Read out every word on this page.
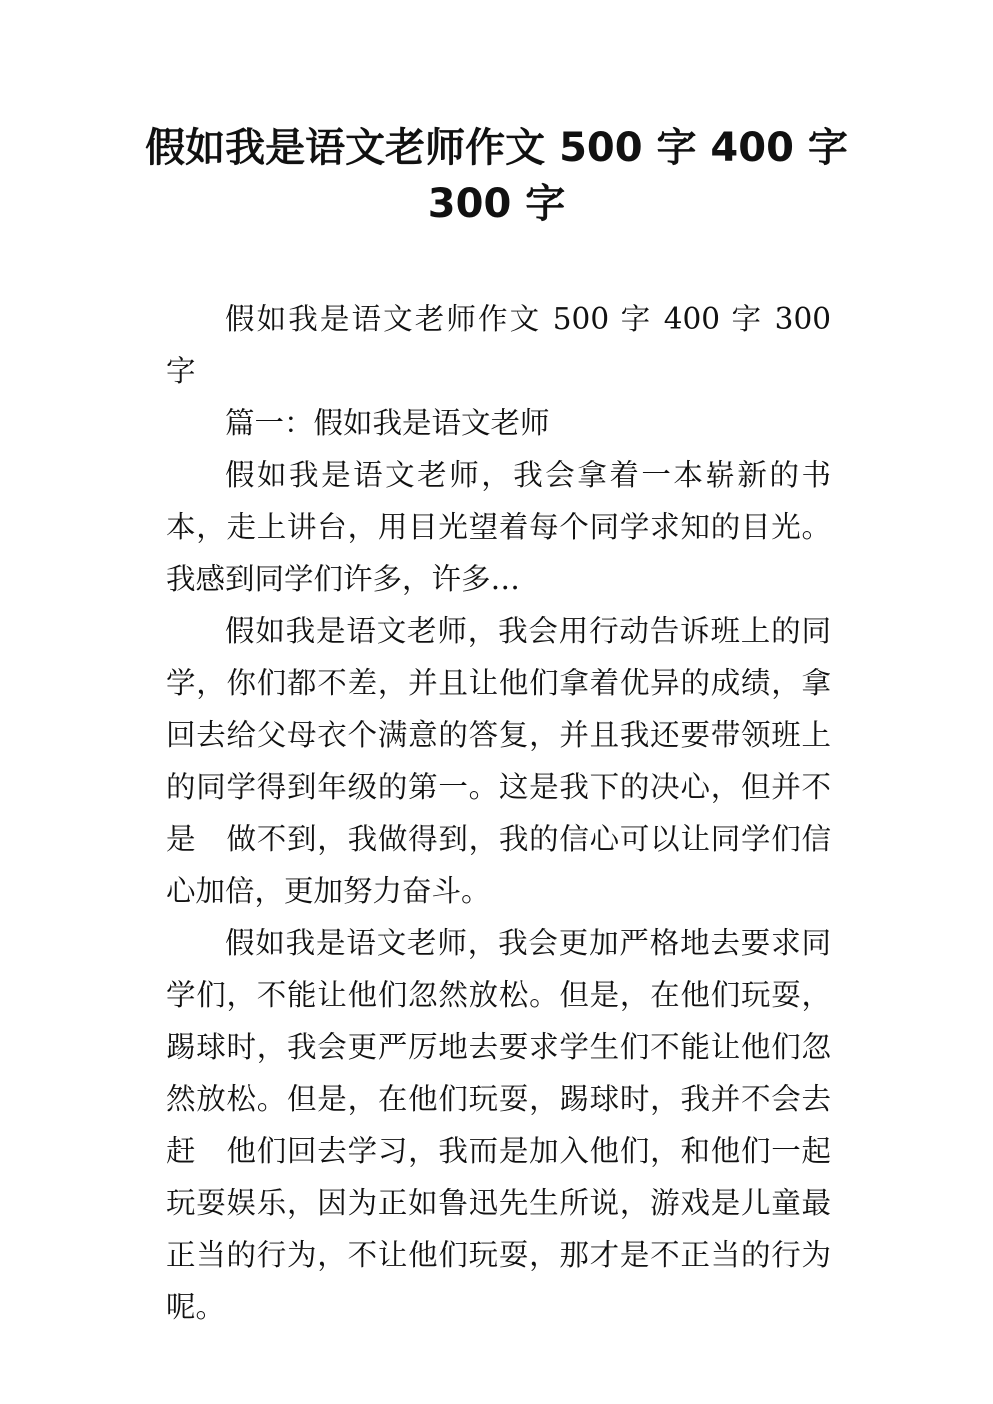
假如我是语文老师作文 500 字 400 字 300 字

假如我是语文老师作文 500 字 400 字 300 字

篇一：假如我是语文老师

假如我是语文老师，我会拿着一本崭新的书本，走上讲台，用目光望着每个同学求知的目光。我感到同学们许多，许多…

假如我是语文老师，我会用行动告诉班上的同学，你们都不差，并且让他们拿着优异的成绩，拿回去给父母衣个满意的答复，并且我还要带领班上的同学得到年级的第一。这是我下的决心，但并不是　做不到，我做得到，我的信心可以让同学们信心加倍，更加努力奋斗。

假如我是语文老师，我会更加严格地去要求同学们，不能让他们忽然放松。但是，在他们玩耍，踢球时，我会更严厉地去要求学生们不能让他们忽然放松。但是，在他们玩耍，踢球时，我并不会去赶　他们回去学习，我而是加入他们，和他们一起玩耍娱乐，因为正如鲁迅先生所说，游戏是儿童最正当的行为，不让他们玩耍，那才是不正当的行为呢。
